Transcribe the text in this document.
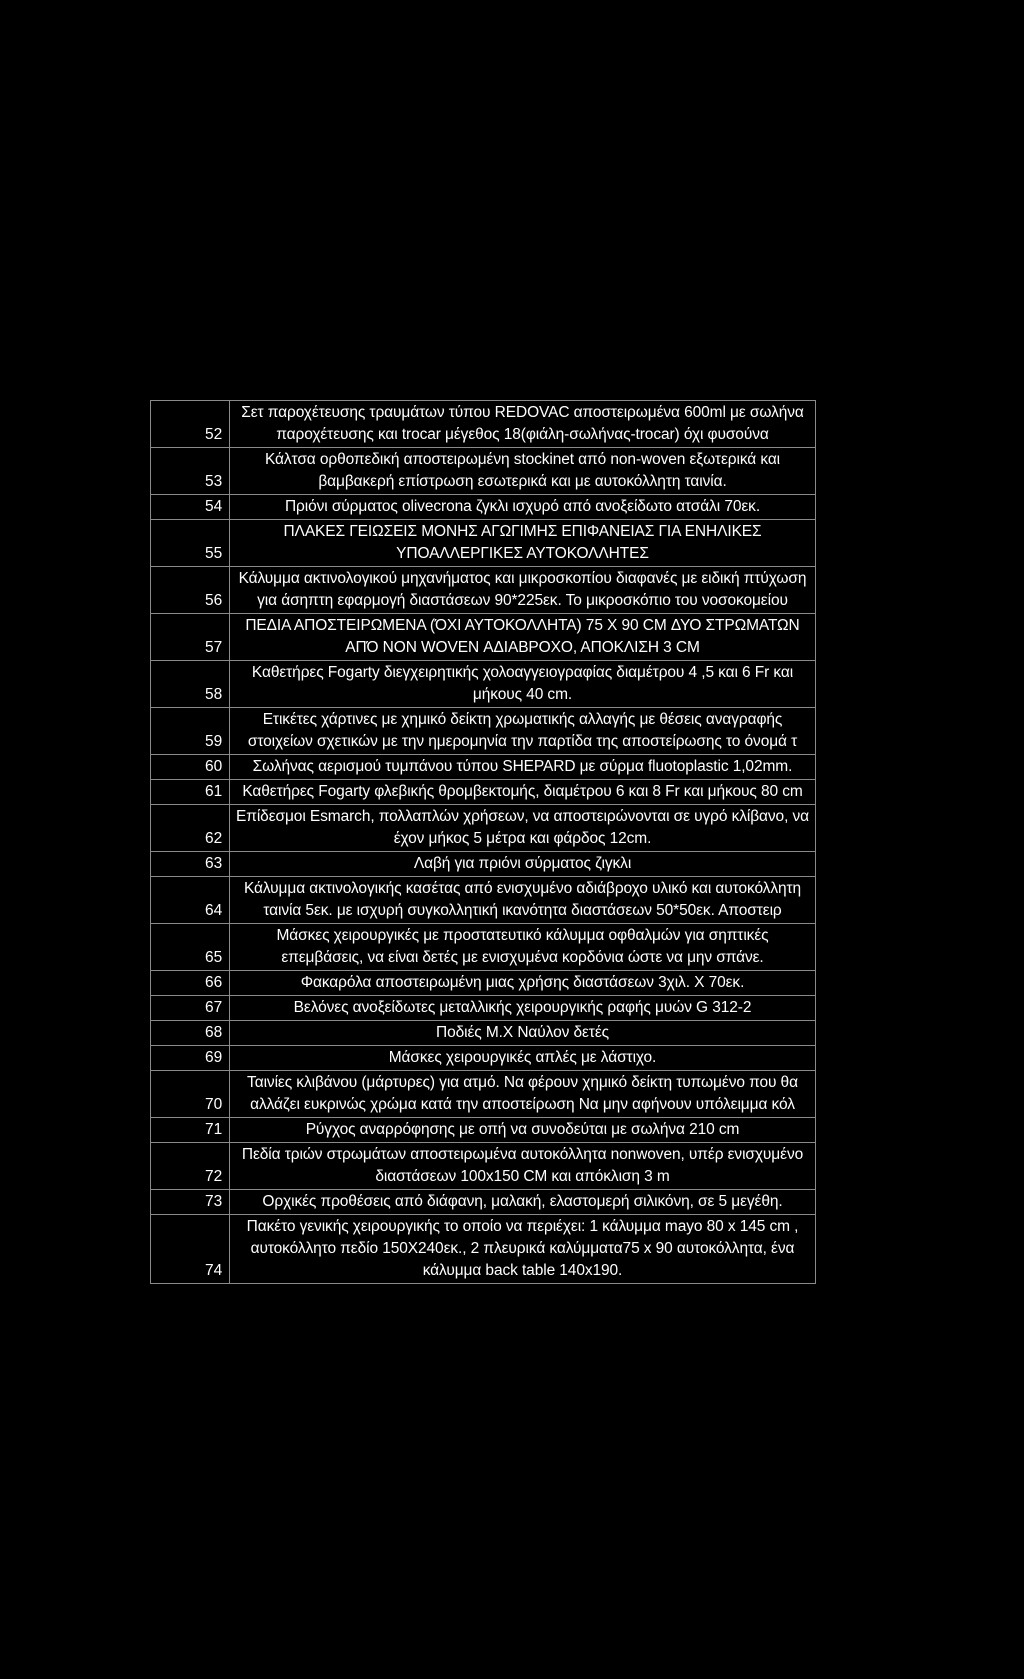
52	Σετ παροχέτευσης τραυμάτων τύπου REDOVAC αποστειρωμένα 600ml με σωλήνα παροχέτευσης και trocar μέγεθος 18(φιάλη-σωλήνας-trocar) όχι φυσούνα
53	Κάλτσα ορθοπεδική αποστειρωμένη stockinet από non-woven εξωτερικά και βαμβακερή επίστρωση εσωτερικά και με αυτοκόλλητη ταινία.
54	Πριόνι σύρματος olivecrona ζγκλι ισχυρό από ανοξείδωτο ατσάλι 70εκ.
55	ΠΛΑΚΕΣ ΓΕΙΩΣΕΙΣ ΜΟΝΗΣ ΑΓΩΓΙΜΗΣ ΕΠΙΦΑΝΕΙΑΣ ΓΙΑ ΕΝΗΛΙΚΕΣ ΥΠΟΑΛΛΕΡΓΙΚΕΣ ΑΥΤΟΚΟΛΛΗΤΕΣ
56	Κάλυμμα ακτινολογικού μηχανήματος και μικροσκοπίου διαφανές με ειδική πτύχωση για άσηπτη εφαρμογή διαστάσεων 90*225εκ. Το μικροσκόπιο του νοσοκομείου
57	ΠΕΔΙΑ ΑΠΟΣΤΕΙΡΩΜΕΝΑ (ΌΧΙ ΑΥΤΟΚΟΛΛΗΤΑ) 75 Χ 90 CM ΔΥΟ ΣΤΡΩΜΑΤΩΝ ΑΠΌ NON WOVEN ΑΔΙΑΒΡΟΧΟ, ΑΠΟΚΛΙΣΗ 3 CM
58	Καθετήρες Fogarty διεγχειρητικής χολοαγγειογραφίας διαμέτρου 4 ,5 και 6 Fr και μήκους 40 cm.
59	Ετικέτες χάρτινες με χημικό δείκτη χρωματικής αλλαγής με θέσεις αναγραφής στοιχείων σχετικών με την ημερομηνία την παρτίδα της αποστείρωσης το όνομά τ
60	Σωλήνας αερισμού τυμπάνου τύπου SHEPARD με σύρμα fluotoplastic 1,02mm.
61	Καθετήρες Fogarty φλεβικής θρομβεκτομής, διαμέτρου 6 και 8 Fr και μήκους 80 cm
62	Επίδεσμοι Esmarch, πολλαπλών χρήσεων, να αποστειρώνονται σε υγρό κλίβανο, να έχον μήκος 5 μέτρα και φάρδος 12cm.
63	Λαβή για πριόνι σύρματος ζιγκλι
64	Κάλυμμα ακτινολογικής κασέτας από ενισχυμένο αδιάβροχο υλικό και αυτοκόλλητη ταινία 5εκ. με ισχυρή συγκολλητική ικανότητα διαστάσεων 50*50εκ. Αποστειρ
65	Μάσκες χειρουργικές με προστατευτικό κάλυμμα οφθαλμών για σηπτικές επεμβάσεις, να είναι δετές με ενισχυμένα κορδόνια ώστε να μην σπάνε.
66	Φακαρόλα αποστειρωμένη μιας χρήσης διαστάσεων 3χιλ. Χ 70εκ.
67	Βελόνες ανοξείδωτες μεταλλικής χειρουργικής ραφής μυών G 312-2
68	Ποδιές Μ.Χ Ναύλον δετές
69	Μάσκες χειρουργικές απλές με λάστιχο.
70	Ταινίες κλιβάνου (μάρτυρες) για ατμό. Να φέρουν χημικό δείκτη τυπωμένο που θα αλλάζει ευκρινώς χρώμα κατά την αποστείρωση Να μην αφήνουν υπόλειμμα κόλ
71	Ρύγχος αναρρόφησης με οπή να συνοδεύται με σωλήνα 210 cm
72	Πεδία τριών στρωμάτων αποστειρωμένα αυτοκόλλητα nonwoven, υπέρ ενισχυμένο διαστάσεων 100x150 CM και απόκλιση 3 m
73	Ορχικές προθέσεις από διάφανη, μαλακή, ελαστομερή σιλικόνη, σε 5 μεγέθη.
74	Πακέτο γενικής χειρουργικής το οποίο να περιέχει: 1 κάλυμμα mayo 80 x 145 cm , αυτοκόλλητο πεδίο 150Χ240εκ., 2 πλευρικά καλύμματα75 x 90 αυτοκόλλητα, ένα κάλυμμα back table 140x190.
